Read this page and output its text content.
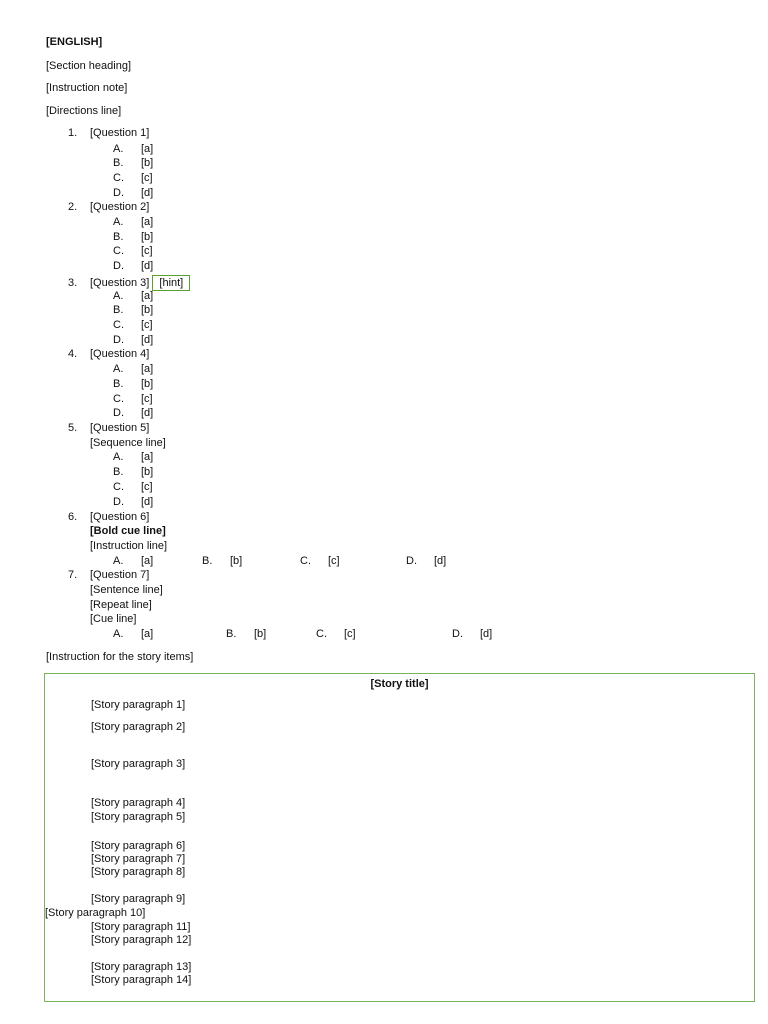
[ENGLISH]
[Section heading]
[Instruction note]
[Directions line]
1. [Question 1]
A. [a]
B. [b]
C. [c]
D. [d]
2. [Question 2]
A. [a]
B. [b]
C. [c]
D. [d]
3. [Question 3] [hint]
A. [a]
B. [b]
C. [c]
D. [d]
4. [Question 4]
A. [a]
B. [b]
C. [c]
D. [d]
5. [Question 5]
[Sequence line]
A. [a]
B. [b]
C. [c]
D. [d]
6. [Question 6]
[Bold cue line]
[Instruction line]
A. [a]	B. [b]	C. [c]	D. [d]
7. [Question 7]
[Sentence line]
[Repeat line]
[Cue line]
A. [a]	B. [b]	C. [c]	D. [d]
[Instruction for the story items]
[Story title]
[Story paragraph 1]
[Story paragraph 2]
[Story paragraph 3]
[Story paragraph 4]
[Story paragraph 5]
[Story paragraph 6]
[Story paragraph 7]
[Story paragraph 8]
[Story paragraph 9]
[Story paragraph 10]
[Story paragraph 11]
[Story paragraph 12]
[Story paragraph 13]
[Story paragraph 14]
